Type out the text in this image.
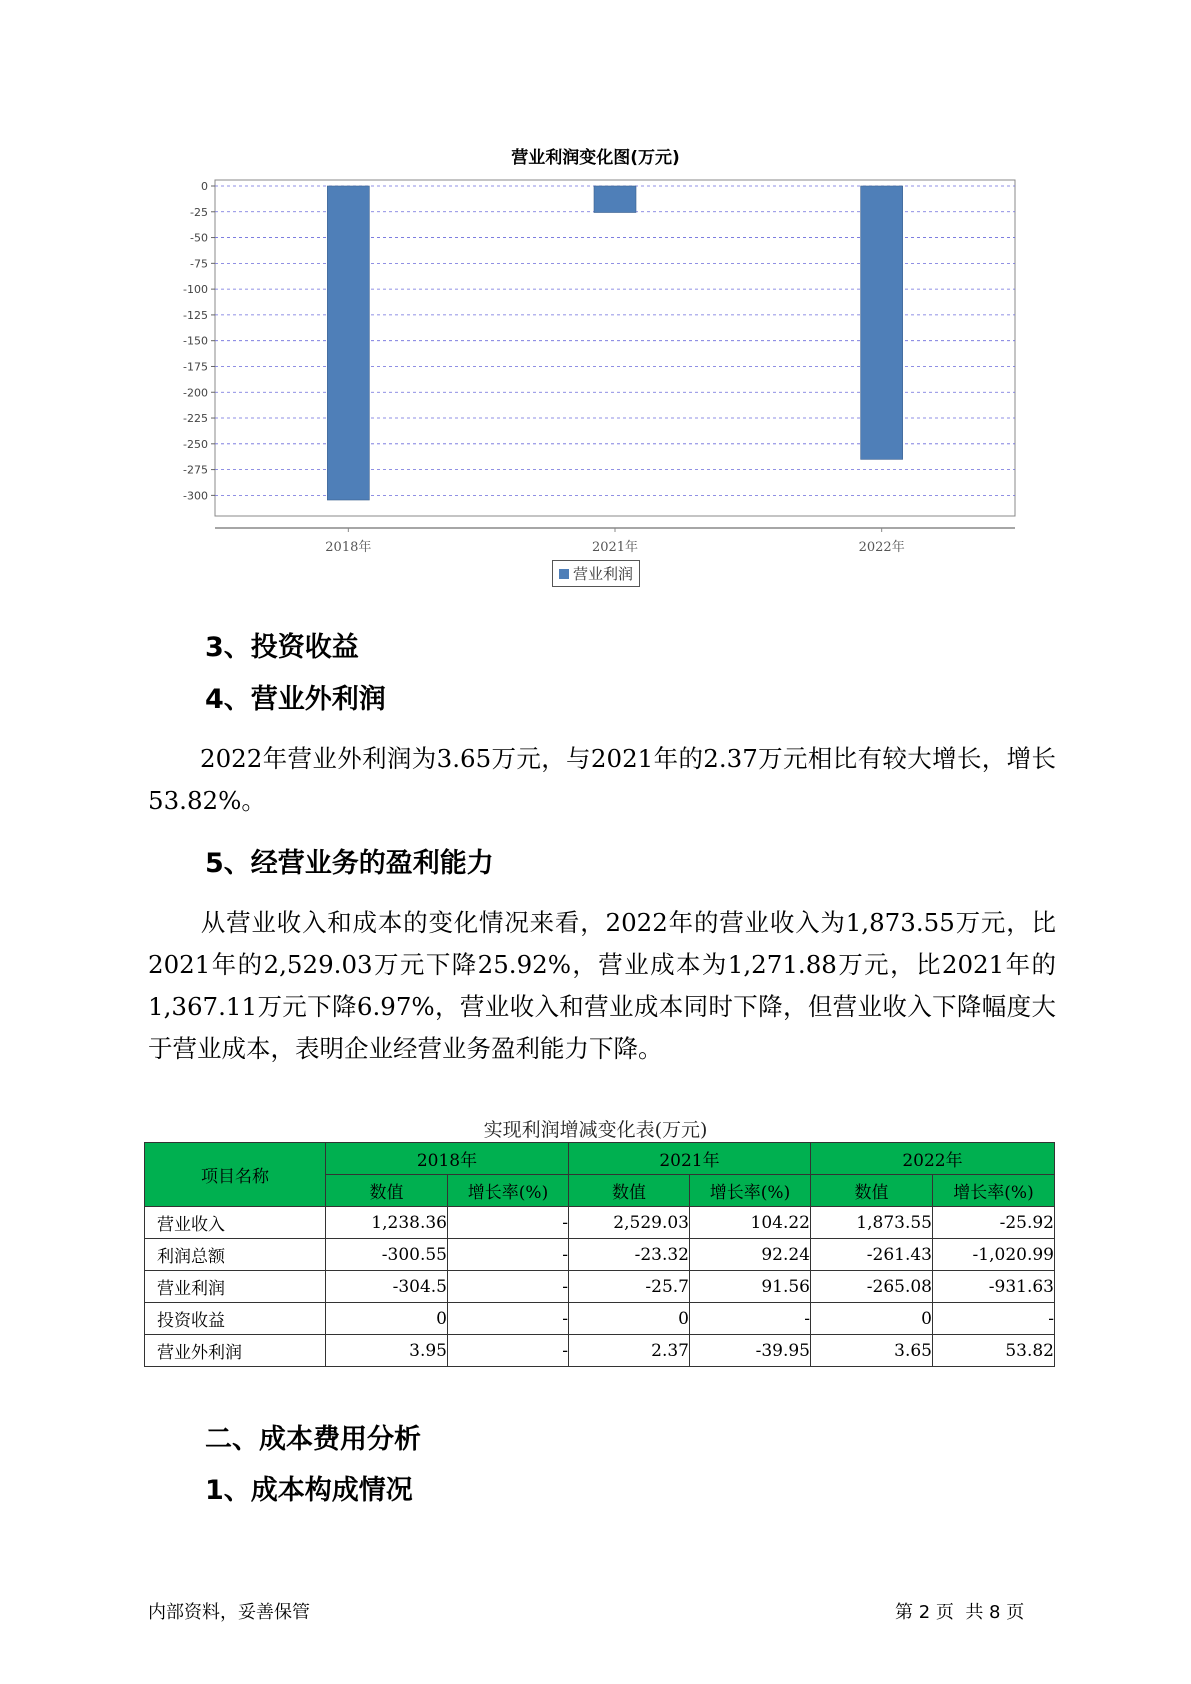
营业利润变化图(万元)
0
-25
-50
-75
-100
-125
-150
-175
-200
-225
-250
-275
-300
2018年	2021年	2022年
营业利润
3、投资收益
4、营业外利润
2022年营业外利润为3.65万元，与2021年的2.37万元相比有较大增长，增长53.82%。
5、经营业务的盈利能力
从营业收入和成本的变化情况来看，2022年的营业收入为1,873.55万元，比2021年的2,529.03万元下降25.92%，营业成本为1,271.88万元，比2021年的1,367.11万元下降6.97%，营业收入和营业成本同时下降，但营业收入下降幅度大于营业成本，表明企业经营业务盈利能力下降。
实现利润增减变化表(万元)
项目名称	2018年		2021年		2022年	
	数值	增长率(%)	数值	增长率(%)	数值	增长率(%)
营业收入	1,238.36	-	2,529.03	104.22	1,873.55	-25.92
利润总额	-300.55	-	-23.32	92.24	-261.43	-1,020.99
营业利润	-304.5	-	-25.7	91.56	-265.08	-931.63
投资收益	0	-	0	-	0	-
营业外利润	3.95	-	2.37	-39.95	3.65	53.82
二、成本费用分析
1、成本构成情况
内部资料，妥善保管	第 2 页  共 8 页
